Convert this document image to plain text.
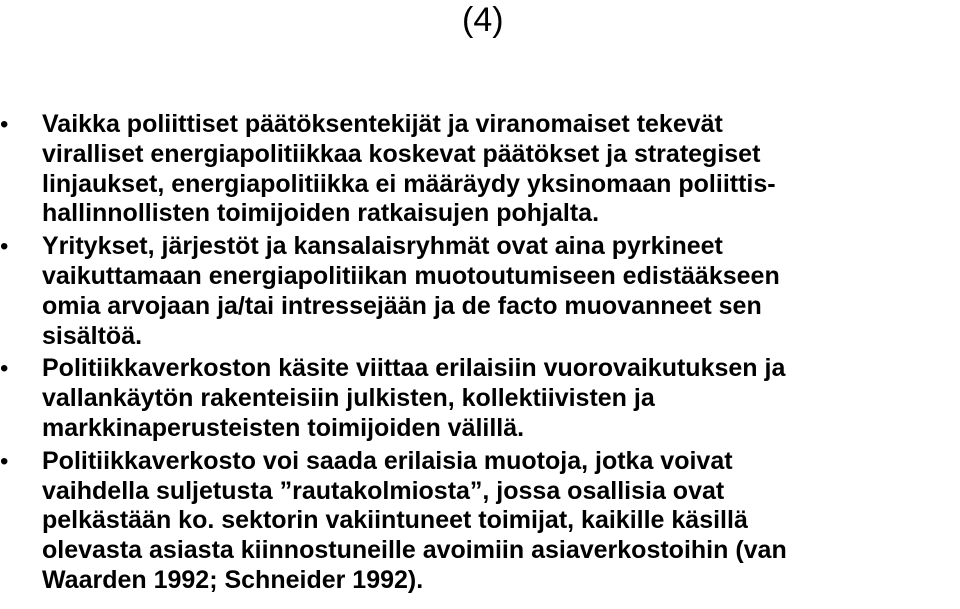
(4)
•	Vaikka poliittiset päätöksentekijät ja viranomaiset tekevät
viralliset energiapolitiikkaa koskevat päätökset ja strategiset
linjaukset, energiapolitiikka ei määräydy yksinomaan poliittis-
hallinnollisten toimijoiden ratkaisujen pohjalta.
•	Yritykset, järjestöt ja kansalaisryhmät ovat aina pyrkineet
vaikuttamaan energiapolitiikan muotoutumiseen edistääkseen
omia arvojaan ja/tai intressejään ja de facto muovanneet sen
sisältöä.
•	Politiikkaverkoston käsite viittaa erilaisiin vuorovaikutuksen ja
vallankäytön rakenteisiin julkisten, kollektiivisten ja
markkinaperusteisten toimijoiden välillä.
•	Politiikkaverkosto voi saada erilaisia muotoja, jotka voivat
vaihdella suljetusta ”rautakolmiosta”, jossa osallisia ovat
pelkästään ko. sektorin vakiintuneet toimijat, kaikille käsillä
olevasta asiasta kiinnostuneille avoimiin asiaverkostoihin (van
Waarden 1992; Schneider 1992).
